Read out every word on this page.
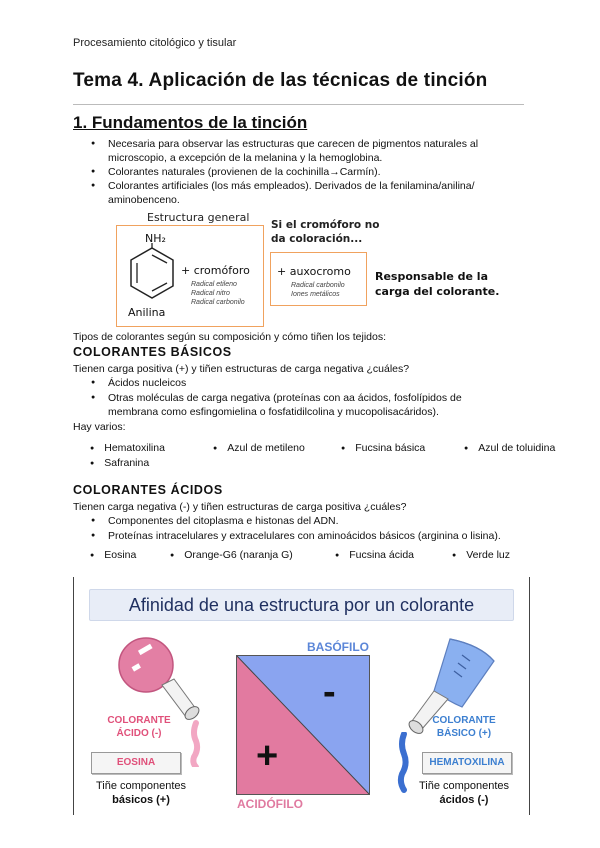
Procesamiento citológico y tisular
Tema 4. Aplicación de las técnicas de tinción
1. Fundamentos de la tinción
● Necesaria para observar las estructuras que carecen de pigmentos naturales al
microscopio, a excepción de la melanina y la hemoglobina.
● Colorantes naturales (provienen de la cochinilla→Carmín).
● Colorantes artificiales (los más empleados). Derivados de la fenilamina/anilina/
aminobenceno.
Estructura general
NH₂
Anilina
+ cromóforo
Radical etileno
Radical nitro
Radical carbonilo
Si el cromóforo no
da coloración...
+ auxocromo
Radical carbonilo
Iones metálicos
Responsable de la
carga del colorante.
Tipos de colorantes según su composición y cómo tiñen los tejidos:
COLORANTES BÁSICOS
Tienen carga positiva (+) y tiñen estructuras de carga negativa ¿cuáles?
● Ácidos nucleicos
● Otras moléculas de carga negativa (proteínas con aa ácidos, fosfolípidos de
membrana como esfingomielina o fosfatidilcolina y mucopolisacáridos).
Hay varios:
● Hematoxilina	● Azul de metileno	● Fucsina básica	● Azul de toluidina
● Safranina
COLORANTES ÁCIDOS
Tienen carga negativa (-) y tiñen estructuras de carga positiva ¿cuáles?
● Componentes del citoplasma e histonas del ADN.
● Proteínas intracelulares y extracelulares con aminoácidos básicos (arginina o lisina).
● Eosina	● Orange-G6 (naranja G)	● Fucsina ácida	● Verde luz
Afinidad de una estructura por un colorante
-
+
BASÓFILO
ACIDÓFILO
COLORANTE
ÁCIDO (-)
EOSINA
Tiñe componentes
básicos (+)
COLORANTE
BÁSICO (+)
HEMATOXILINA
Tiñe componentes
ácidos (-)
